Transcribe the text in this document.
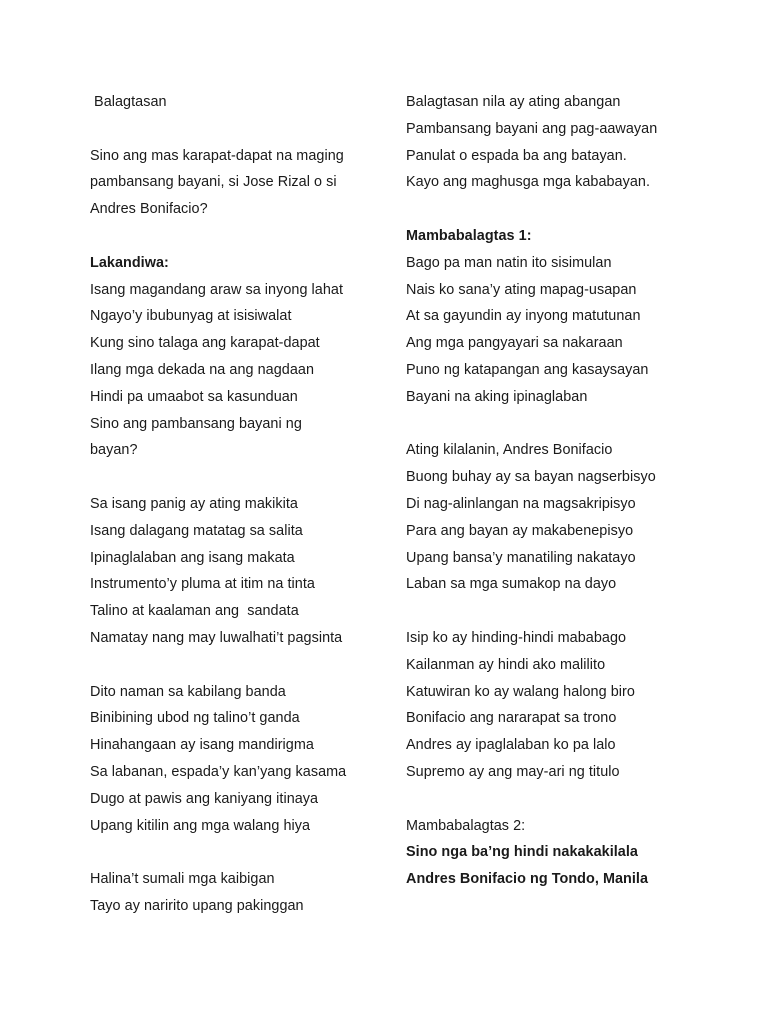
Balagtasan
Sino ang mas karapat-dapat na maging
pambansang bayani, si Jose Rizal o si
Andres Bonifacio?
Lakandiwa:
Isang magandang araw sa inyong lahat
Ngayo’y ibubunyag at isisiwalat
Kung sino talaga ang karapat-dapat
Ilang mga dekada na ang nagdaan
Hindi pa umaabot sa kasunduan
Sino ang pambansang bayani ng
bayan?
Sa isang panig ay ating makikita
Isang dalagang matatag sa salita
Ipinaglalaban ang isang makata
Instrumento’y pluma at itim na tinta
Talino at kaalaman ang  sandata
Namatay nang may luwalhati’t pagsinta
Dito naman sa kabilang banda
Binibining ubod ng talino’t ganda
Hinahangaan ay isang mandirigma
Sa labanan, espada’y kan’yang kasama
Dugo at pawis ang kaniyang itinaya
Upang kitilin ang mga walang hiya
Halina’t sumali mga kaibigan
Tayo ay naririto upang pakinggan
Balagtasan nila ay ating abangan
Pambansang bayani ang pag-aawayan
Panulat o espada ba ang batayan.
Kayo ang maghusga mga kababayan.
Mambabalagtas 1:
Bago pa man natin ito sisimulan
Nais ko sana’y ating mapag-usapan
At sa gayundin ay inyong matutunan
Ang mga pangyayari sa nakaraan
Puno ng katapangan ang kasaysayan
Bayani na aking ipinaglaban
Ating kilalanin, Andres Bonifacio
Buong buhay ay sa bayan nagserbisyo
Di nag-alinlangan na magsakripisyo
Para ang bayan ay makabenepisyo
Upang bansa’y manatiling nakatayo
Laban sa mga sumakop na dayo
Isip ko ay hinding-hindi mababago
Kailanman ay hindi ako malilito
Katuwiran ko ay walang halong biro
Bonifacio ang nararapat sa trono
Andres ay ipaglalaban ko pa lalo
Supremo ay ang may-ari ng titulo
Mambabalagtas 2:
Sino nga ba’ng hindi nakakakilala
Andres Bonifacio ng Tondo, Manila
